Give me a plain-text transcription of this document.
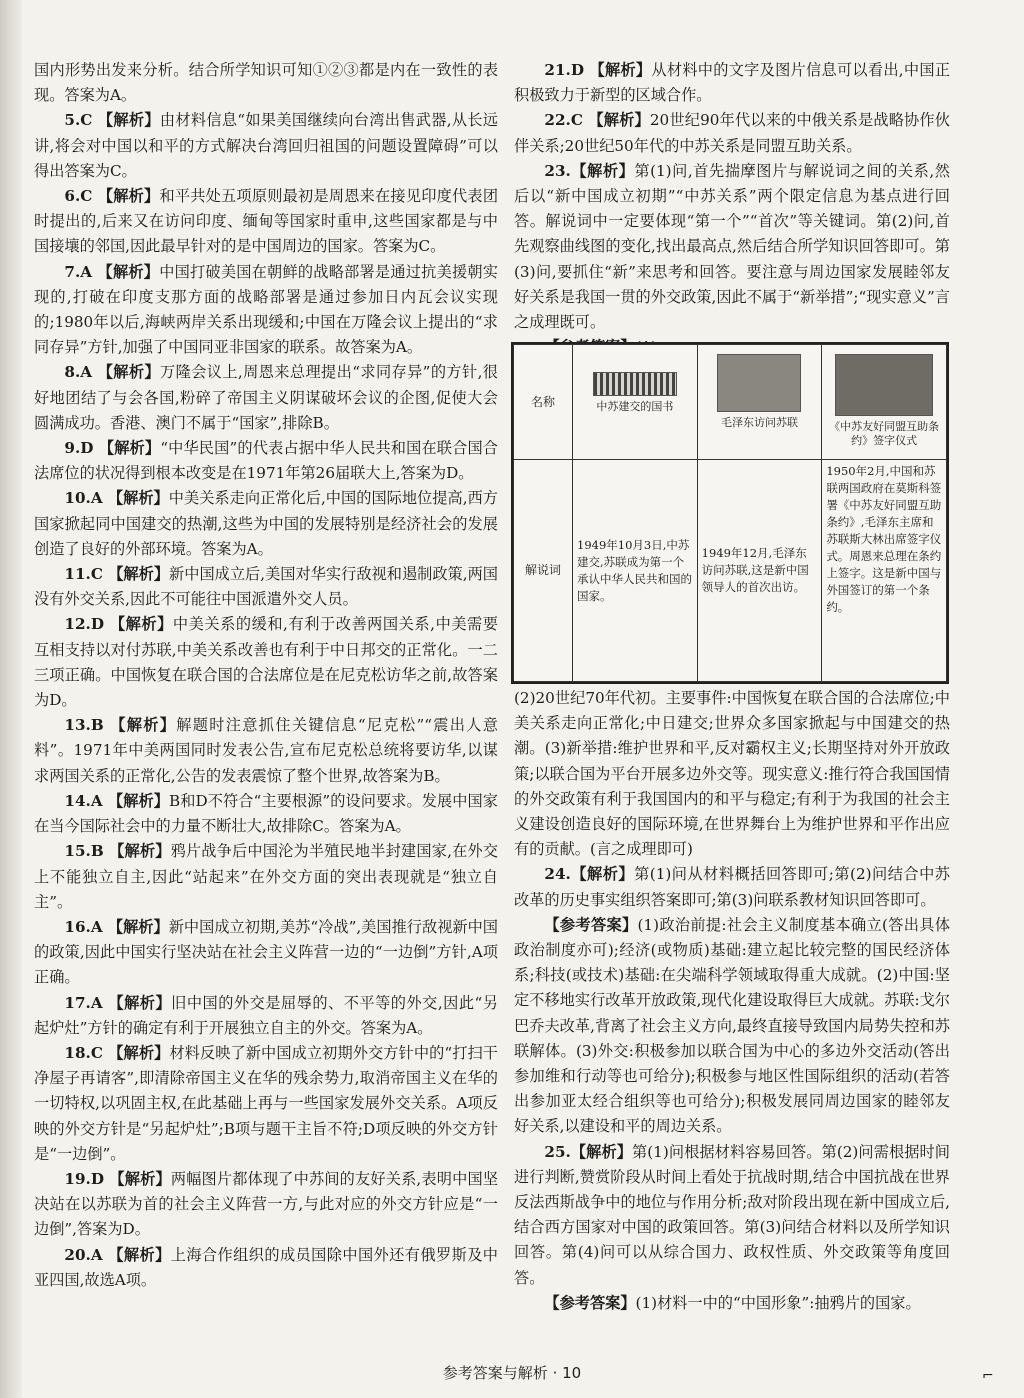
国内形势出发来分析。结合所学知识可知①②③都是内在一致性的表现。答案为A。

5.C 【解析】由材料信息“如果美国继续向台湾出售武器,从长远讲,将会对中国以和平的方式解决台湾回归祖国的问题设置障碍”可以得出答案为C。

6.C 【解析】和平共处五项原则最初是周恩来在接见印度代表团时提出的,后来又在访问印度、缅甸等国家时重申,这些国家都是与中国接壤的邻国,因此最早针对的是中国周边的国家。答案为C。

7.A 【解析】中国打破美国在朝鲜的战略部署是通过抗美援朝实现的,打破在印度支那方面的战略部署是通过参加日内瓦会议实现的;1980年以后,海峡两岸关系出现缓和;中国在万隆会议上提出的“求同存异”方针,加强了中国同亚非国家的联系。故答案为A。

8.A 【解析】万隆会议上,周恩来总理提出“求同存异”的方针,很好地团结了与会各国,粉碎了帝国主义阴谋破坏会议的企图,促使大会圆满成功。香港、澳门不属于“国家”,排除B。

9.D 【解析】“中华民国”的代表占据中华人民共和国在联合国合法席位的状况得到根本改变是在1971年第26届联大上,答案为D。

10.A 【解析】中美关系走向正常化后,中国的国际地位提高,西方国家掀起同中国建交的热潮,这些为中国的发展特别是经济社会的发展创造了良好的外部环境。答案为A。

11.C 【解析】新中国成立后,美国对华实行敌视和遏制政策,两国没有外交关系,因此不可能往中国派遣外交人员。

12.D 【解析】中美关系的缓和,有利于改善两国关系,中美需要互相支持以对付苏联,中美关系改善也有利于中日邦交的正常化。一二三项正确。中国恢复在联合国的合法席位是在尼克松访华之前,故答案为D。

13.B 【解析】解题时注意抓住关键信息“尼克松”“震出人意料”。1971年中美两国同时发表公告,宣布尼克松总统将要访华,以谋求两国关系的正常化,公告的发表震惊了整个世界,故答案为B。

14.A 【解析】B和D不符合“主要根源”的设问要求。发展中国家在当今国际社会中的力量不断壮大,故排除C。答案为A。

15.B 【解析】鸦片战争后中国沦为半殖民地半封建国家,在外交上不能独立自主,因此“站起来”在外交方面的突出表现就是“独立自主”。

16.A 【解析】新中国成立初期,美苏“冷战”,美国推行敌视新中国的政策,因此中国实行坚决站在社会主义阵营一边的“一边倒”方针,A项正确。

17.A 【解析】旧中国的外交是屈辱的、不平等的外交,因此“另起炉灶”方针的确定有利于开展独立自主的外交。答案为A。

18.C 【解析】材料反映了新中国成立初期外交方针中的“打扫干净屋子再请客”,即清除帝国主义在华的残余势力,取消帝国主义在华的一切特权,以巩固主权,在此基础上再与一些国家发展外交关系。A项反映的外交方针是“另起炉灶”;B项与题干主旨不符;D项反映的外交方针是“一边倒”。

19.D 【解析】两幅图片都体现了中苏间的友好关系,表明中国坚决站在以苏联为首的社会主义阵营一方,与此对应的外交方针应是“一边倒”,答案为D。

20.A 【解析】上海合作组织的成员国除中国外还有俄罗斯及中亚四国,故选A项。

21.D 【解析】从材料中的文字及图片信息可以看出,中国正积极致力于新型的区域合作。

22.C 【解析】20世纪90年代以来的中俄关系是战略协作伙伴关系;20世纪50年代的中苏关系是同盟互助关系。

23.【解析】第(1)问,首先揣摩图片与解说词之间的关系,然后以“新中国成立初期”“中苏关系”两个限定信息为基点进行回答。解说词中一定要体现“第一个”“首次”等关键词。第(2)问,首先观察曲线图的变化,找出最高点,然后结合所学知识回答即可。第(3)问,要抓住“新”来思考和回答。要注意与周边国家发展睦邻友好关系是我国一贯的外交政策,因此不属于“新举措”;“现实意义”言之成理既可。

名称	中苏建交的国书	毛泽东访问苏联	《中苏友好同盟互助条约》签字仪式

解说词	1949年10月3日,中苏建交,苏联成为第一个承认中华人民共和国的国家。	1949年12月,毛泽东访问苏联,这是新中国领导人的首次出访。	1950年2月,中国和苏联两国政府在莫斯科签署《中苏友好同盟互助条约》,毛泽东主席和苏联斯大林出席签字仪式。周恩来总理在条约上签字。这是新中国与外国签订的第一个条约。

(2)20世纪70年代初。主要事件:中国恢复在联合国的合法席位;中美关系走向正常化;中日建交;世界众多国家掀起与中国建交的热潮。(3)新举措:维护世界和平,反对霸权主义;长期坚持对外开放政策;以联合国为平台开展多边外交等。现实意义:推行符合我国国情的外交政策有利于我国国内的和平与稳定;有利于为我国的社会主义建设创造良好的国际环境,在世界舞台上为维护世界和平作出应有的贡献。(言之成理即可)

24.【解析】第(1)问从材料概括回答即可;第(2)问结合中苏改革的历史事实组织答案即可;第(3)问联系教材知识回答即可。

【参考答案】(1)政治前提:社会主义制度基本确立(答出具体政治制度亦可);经济(或物质)基础:建立起比较完整的国民经济体系;科技(或技术)基础:在尖端科学领域取得重大成就。(2)中国:坚定不移地实行改革开放政策,现代化建设取得巨大成就。苏联:戈尔巴乔夫改革,背离了社会主义方向,最终直接导致国内局势失控和苏联解体。(3)外交:积极参加以联合国为中心的多边外交活动(答出参加维和行动等也可给分);积极参与地区性国际组织的活动(若答出参加亚太经合组织等也可给分);积极发展同周边国家的睦邻友好关系,以建设和平的周边关系。

25.【解析】第(1)问根据材料容易回答。第(2)问需根据时间进行判断,赞赏阶段从时间上看处于抗战时期,结合中国抗战在世界反法西斯战争中的地位与作用分析;敌对阶段出现在新中国成立后,结合西方国家对中国的政策回答。第(3)问结合材料以及所学知识回答。第(4)问可以从综合国力、政权性质、外交政策等角度回答。

【参考答案】(1)材料一中的“中国形象”:抽鸦片的国家。

参考答案与解析 · 10	⌐
